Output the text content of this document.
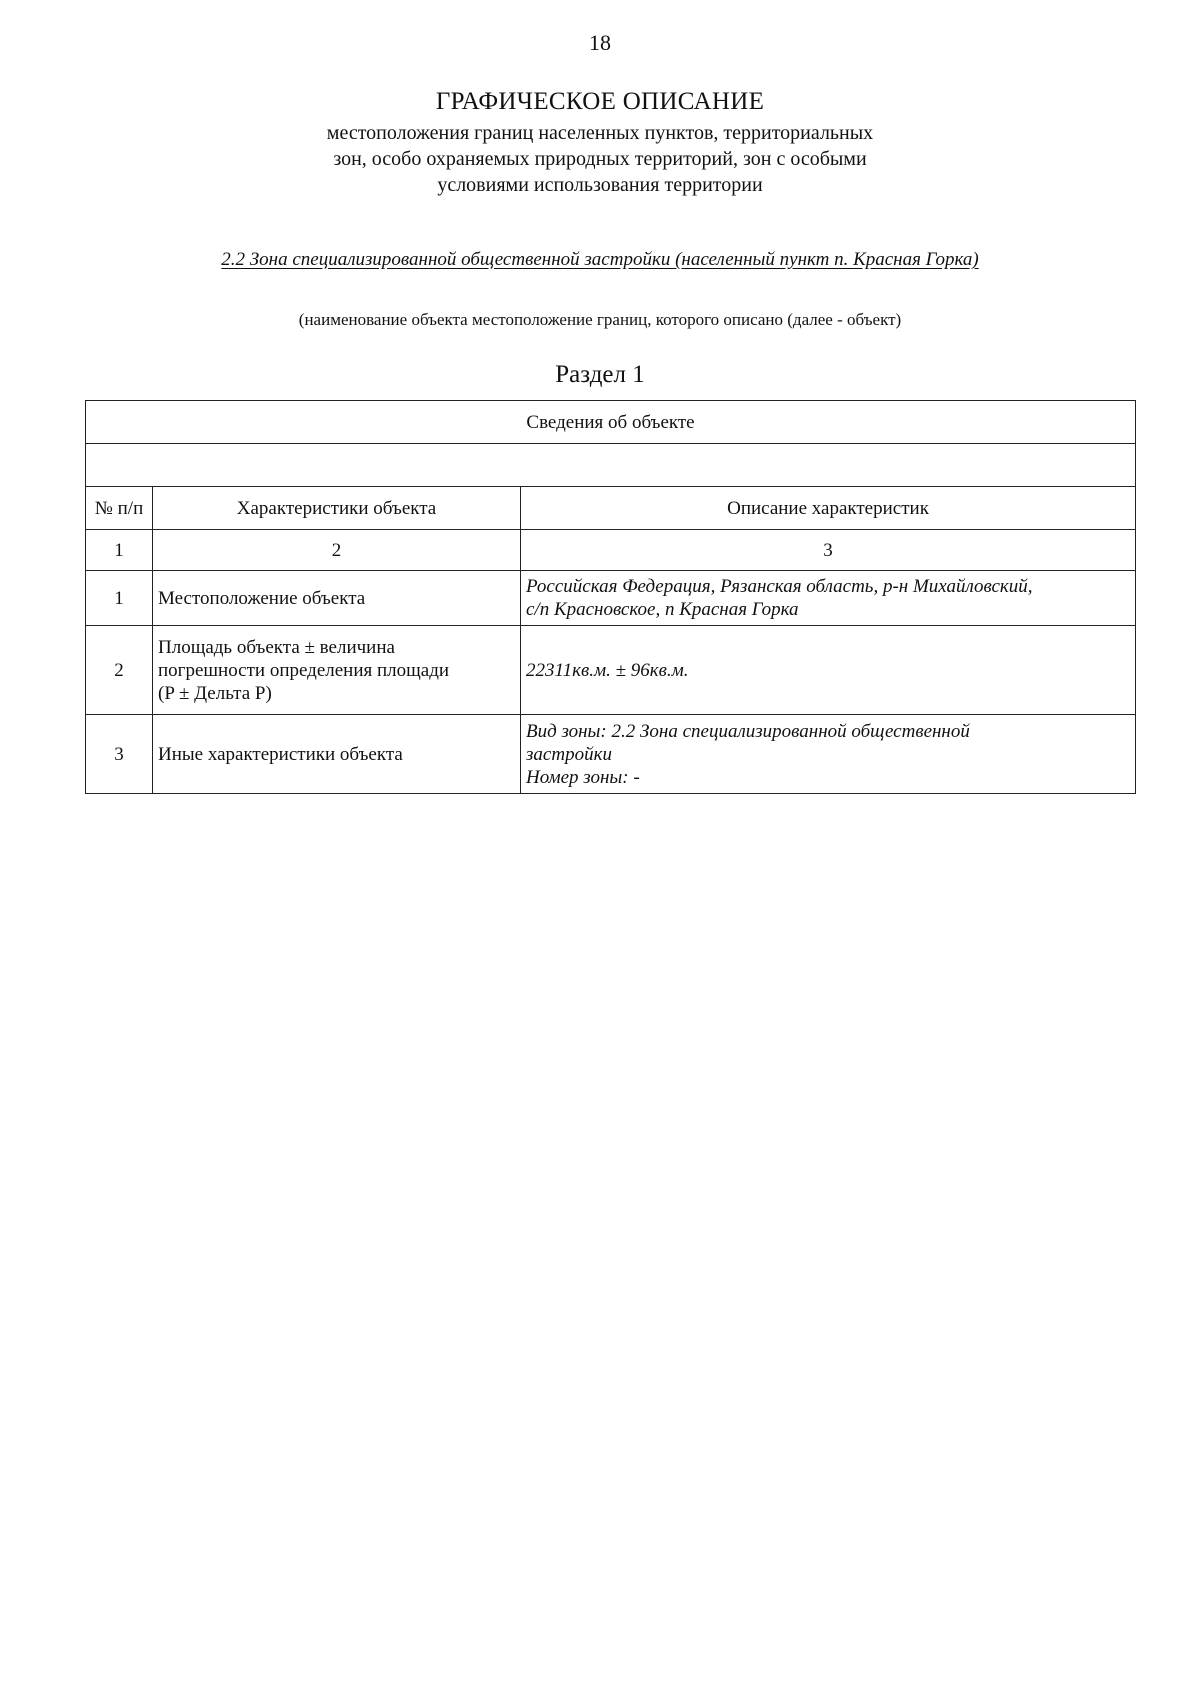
18
ГРАФИЧЕСКОЕ ОПИСАНИЕ
местоположения границ населенных пунктов, территориальных
зон, особо охраняемых природных территорий, зон с особыми
условиями использования территории
2.2 Зона специализированной общественной застройки (населенный пункт п. Красная Горка)
(наименование объекта местоположение границ, которого описано (далее - объект)
Раздел 1
Сведения об объекте		

№ п/п	Характеристики объекта	Описание характеристик
1	2	3
1	Местоположение объекта	Российская Федерация, Рязанская область, р-н Михайловский,
с/п Красновское, п Красная Горка

2	Площадь объекта ± величина
погрешности определения площади
(P ± Дельта P)	22311кв.м. ± 96кв.м.

3	Иные характеристики объекта	Вид зоны: 2.2 Зона специализированной общественной
застройки
Номер зоны: -
